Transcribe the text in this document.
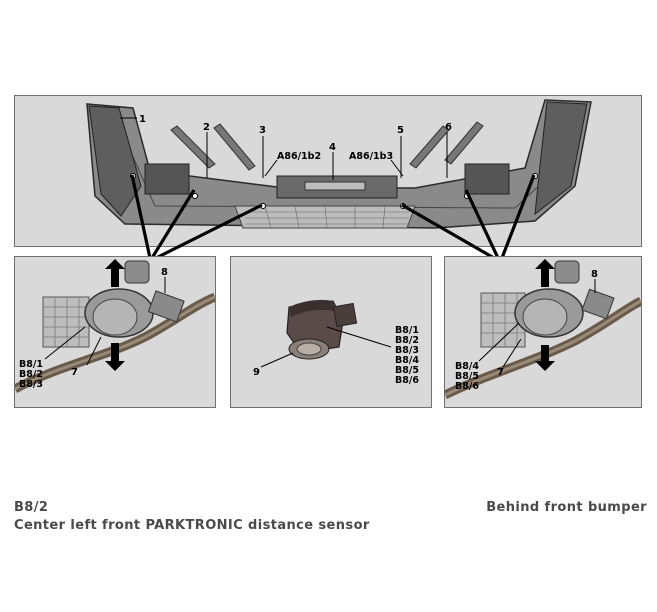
1
2	3
4
5	6
A86/1b2	A86/1b3
8
7
B8/1
B8/2
B8/3
9
B8/1
B8/2
B8/3
B8/4
B8/5
B8/6
8
7
B8/4
B8/5
B8/6
B8/2
Center left front PARKTRONIC distance sensor
Behind front bumper
